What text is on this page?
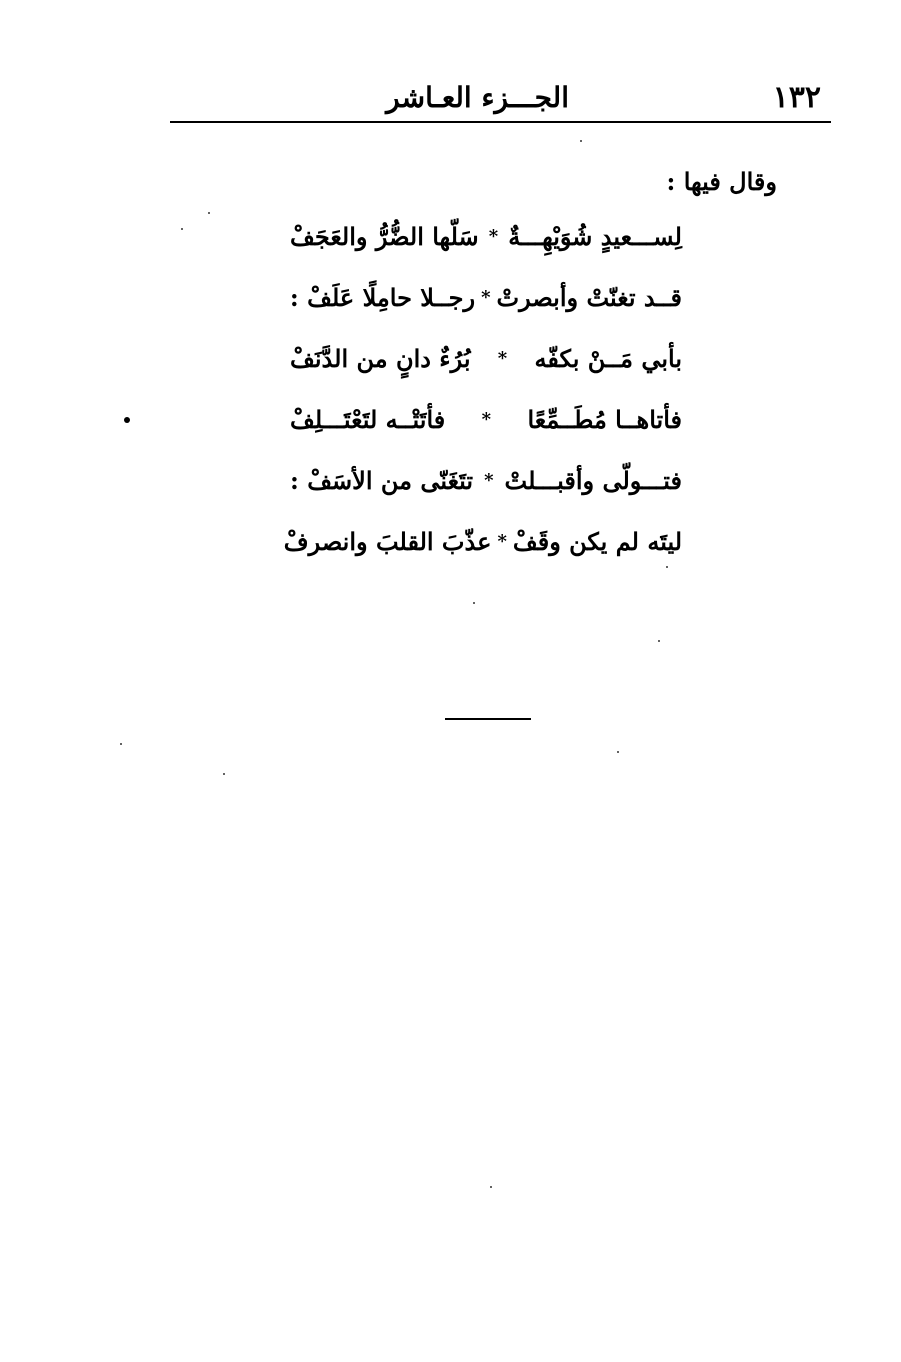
١٣٢
الجـــزء العـاشر
وقال فيها :
لِســـعيدٍ شُوَيْهِـــةٌ
*
سَلّها الضُّرُّ والعَجَفْ
قــد تغنّتْ وأبصرتْ
*
رجــلا حامِلًا عَلَفْ :
بأبي مَــنْ بكفّه
*
بُرُءٌ دانٍ من الدَّنَفْ
فأتاهــا مُطَــمِّعًا
*
فأتَتْــه لتَعْتَـــلِفْ
فتـــولّى وأقبـــلتْ
*
تتَغَنّى من الأسَفْ :
ليتَه لم يكن وقَفْ
*
عذّبَ القلبَ وانصرفْ
